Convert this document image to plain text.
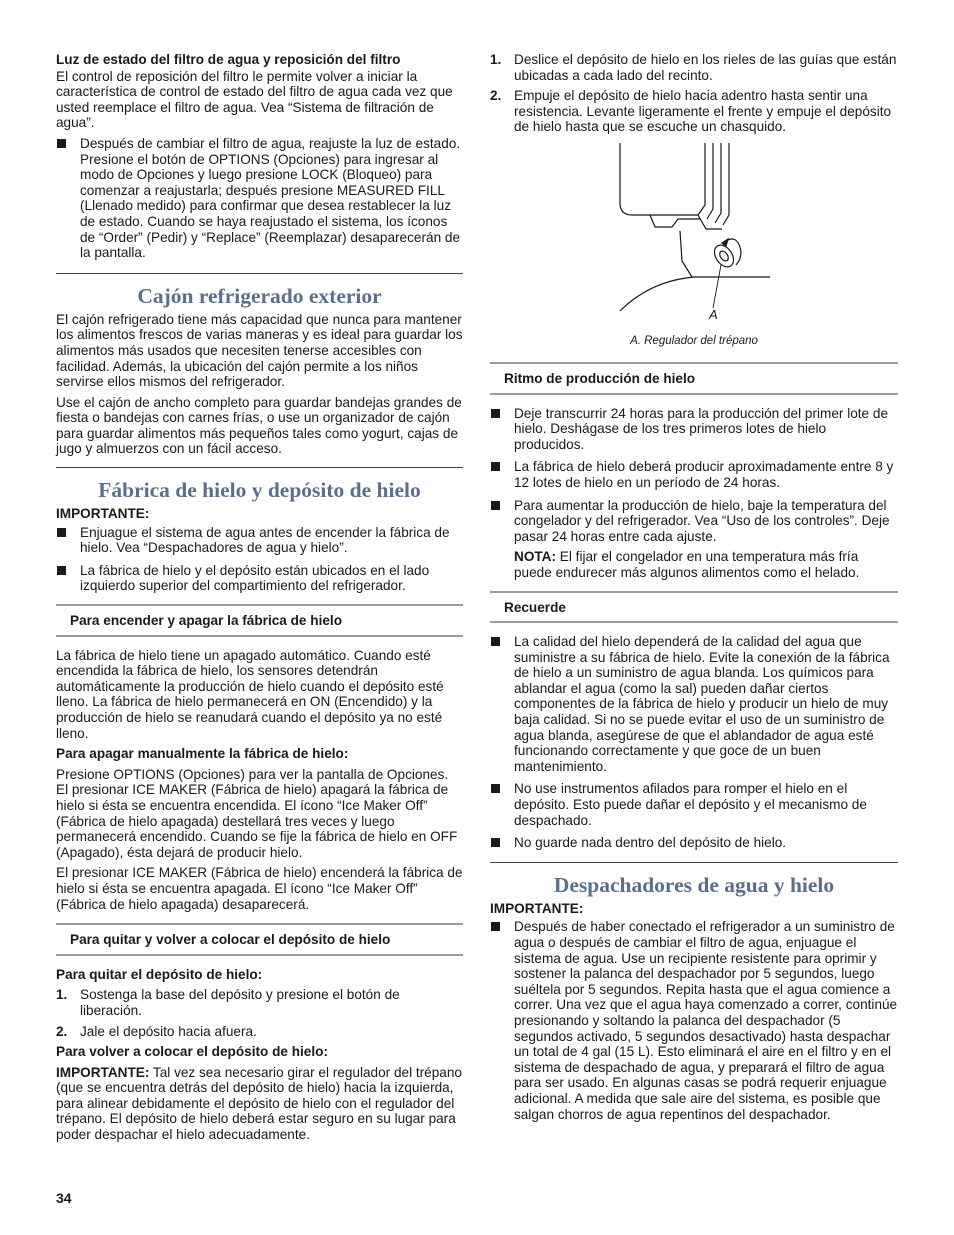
Luz de estado del filtro de agua y reposición del filtro

El control de reposición del filtro le permite volver a iniciar la característica de control de estado del filtro de agua cada vez que usted reemplace el filtro de agua. Vea “Sistema de filtración de agua”.

Después de cambiar el filtro de agua, reajuste la luz de estado. Presione el botón de OPTIONS (Opciones) para ingresar al modo de Opciones y luego presione LOCK (Bloqueo) para comenzar a reajustarla; después presione MEASURED FILL (Llenado medido) para confirmar que desea restablecer la luz de estado. Cuando se haya reajustado el sistema, los íconos de “Order” (Pedir) y “Replace” (Reemplazar) desaparecerán de la pantalla.
Cajón refrigerado exterior

El cajón refrigerado tiene más capacidad que nunca para mantener los alimentos frescos de varias maneras y es ideal para guardar los alimentos más usados que necesiten tenerse accesibles con facilidad. Además, la ubicación del cajón permite a los niños servirse ellos mismos del refrigerador.

Use el cajón de ancho completo para guardar bandejas grandes de fiesta o bandejas con carnes frías, o use un organizador de cajón para guardar alimentos más pequeños tales como yogurt, cajas de jugo y almuerzos con un fácil acceso.

Fábrica de hielo y depósito de hielo

IMPORTANTE:

Enjuague el sistema de agua antes de encender la fábrica de hielo. Vea “Despachadores de agua y hielo”.
La fábrica de hielo y el depósito están ubicados en el lado izquierdo superior del compartimiento del refrigerador.
Para encender y apagar la fábrica de hielo

La fábrica de hielo tiene un apagado automático. Cuando esté encendida la fábrica de hielo, los sensores detendrán automáticamente la producción de hielo cuando el depósito esté lleno. La fábrica de hielo permanecerá en ON (Encendido) y la producción de hielo se reanudará cuando el depósito ya no esté lleno.

Para apagar manualmente la fábrica de hielo:

Presione OPTIONS (Opciones) para ver la pantalla de Opciones. El presionar ICE MAKER (Fábrica de hielo) apagará la fábrica de hielo si ésta se encuentra encendida. El ícono “Ice Maker Off” (Fábrica de hielo apagada) destellará tres veces y luego permanecerá encendido. Cuando se fije la fábrica de hielo en OFF (Apagado), ésta dejará de producir hielo.

El presionar ICE MAKER (Fábrica de hielo) encenderá la fábrica de hielo si ésta se encuentra apagada. El ícono “Ice Maker Off” (Fábrica de hielo apagada) desaparecerá.

Para quitar y volver a colocar el depósito de hielo

Para quitar el depósito de hielo:

1. Sostenga la base del depósito y presione el botón de liberación.
2. Jale el depósito hacia afuera.

Para volver a colocar el depósito de hielo:

IMPORTANTE: Tal vez sea necesario girar el regulador del trépano (que se encuentra detrás del depósito de hielo) hacia la izquierda, para alinear debidamente el depósito de hielo con el regulador del trépano. El depósito de hielo deberá estar seguro en su lugar para poder despachar el hielo adecuadamente.

1. Deslice el depósito de hielo en los rieles de las guías que están ubicadas a cada lado del recinto.
2. Empuje el depósito de hielo hacia adentro hasta sentir una resistencia. Levante ligeramente el frente y empuje el depósito de hielo hasta que se escuche un chasquido.
A
A. Regulador del trépano
Ritmo de producción de hielo
Deje transcurrir 24 horas para la producción del primer lote de hielo. Deshágase de los tres primeros lotes de hielo producidos.
La fábrica de hielo deberá producir aproximadamente entre 8 y 12 lotes de hielo en un período de 24 horas.
Para aumentar la producción de hielo, baje la temperatura del congelador y del refrigerador. Vea “Uso de los controles”. Deje pasar 24 horas entre cada ajuste.

NOTA: El fijar el congelador en una temperatura más fría puede endurecer más algunos alimentos como el helado.

Recuerde
La calidad del hielo dependerá de la calidad del agua que suministre a su fábrica de hielo. Evite la conexión de la fábrica de hielo a un suministro de agua blanda. Los químicos para ablandar el agua (como la sal) pueden dañar ciertos componentes de la fábrica de hielo y producir un hielo de muy baja calidad. Si no se puede evitar el uso de un suministro de agua blanda, asegúrese de que el ablandador de agua esté funcionando correctamente y que goce de un buen mantenimiento.
No use instrumentos afilados para romper el hielo en el depósito. Esto puede dañar el depósito y el mecanismo de despachado.
No guarde nada dentro del depósito de hielo.
Despachadores de agua y hielo

IMPORTANTE:

Después de haber conectado el refrigerador a un suministro de agua o después de cambiar el filtro de agua, enjuague el sistema de agua. Use un recipiente resistente para oprimir y sostener la palanca del despachador por 5 segundos, luego suéltela por 5 segundos. Repita hasta que el agua comience a correr. Una vez que el agua haya comenzado a correr, continúe presionando y soltando la palanca del despachador (5 segundos activado, 5 segundos desactivado) hasta despachar un total de 4 gal (15 L). Esto eliminará el aire en el filtro y en el sistema de despachado de agua, y preparará el filtro de agua para ser usado. En algunas casas se podrá requerir enjuague adicional. A medida que sale aire del sistema, es posible que salgan chorros de agua repentinos del despachador.
34
